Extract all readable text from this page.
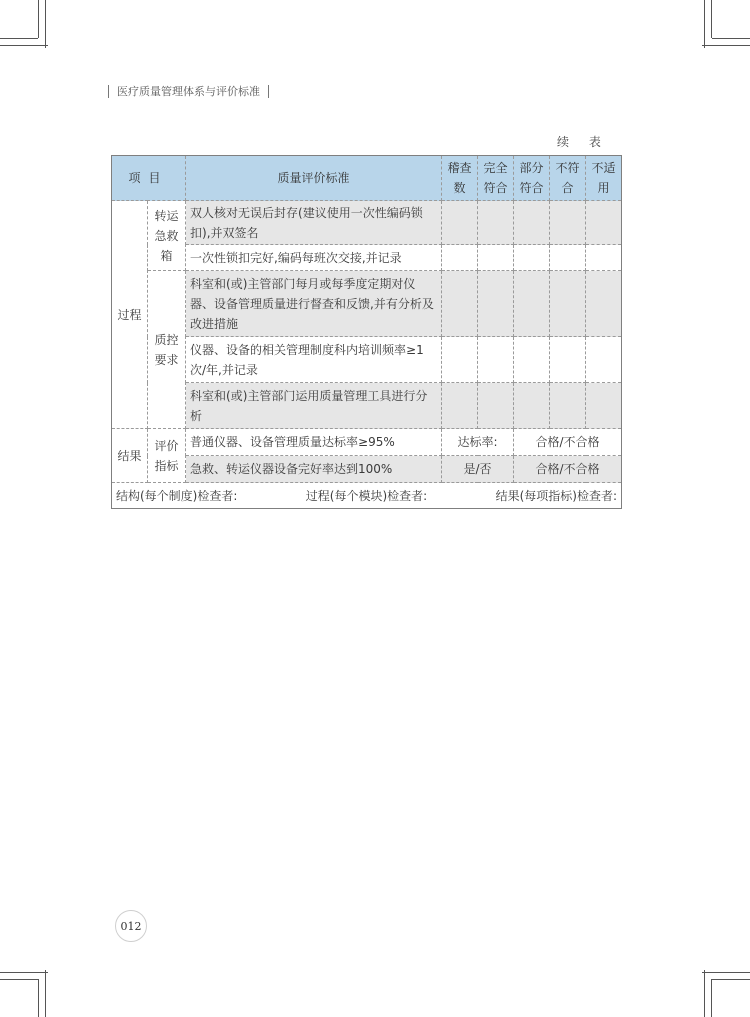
医疗质量管理体系与评价标准
续 表
项目		质量评价标准	稽查数	完全符合	部分符合	不符合	不适用
过程	转运急救箱	双人核对无误后封存(建议使用一次性编码锁扣),并双签名					
		一次性锁扣完好,编码每班次交接,并记录					
	质控要求	科室和(或)主管部门每月或每季度定期对仪器、设备管理质量进行督查和反馈,并有分析及改进措施					
		仪器、设备的相关管理制度科内培训频率≥1次/年,并记录					
		科室和(或)主管部门运用质量管理工具进行分析					
结果	评价指标	普通仪器、设备管理质量达标率≥95%	达标率:		合格/不合格		
		急救、转运仪器设备完好率达到100%	是/否		合格/不合格		

结构(每个制度)检查者: 过程(每个模块)检查者: 结果(每项指标)检查者:							
012
